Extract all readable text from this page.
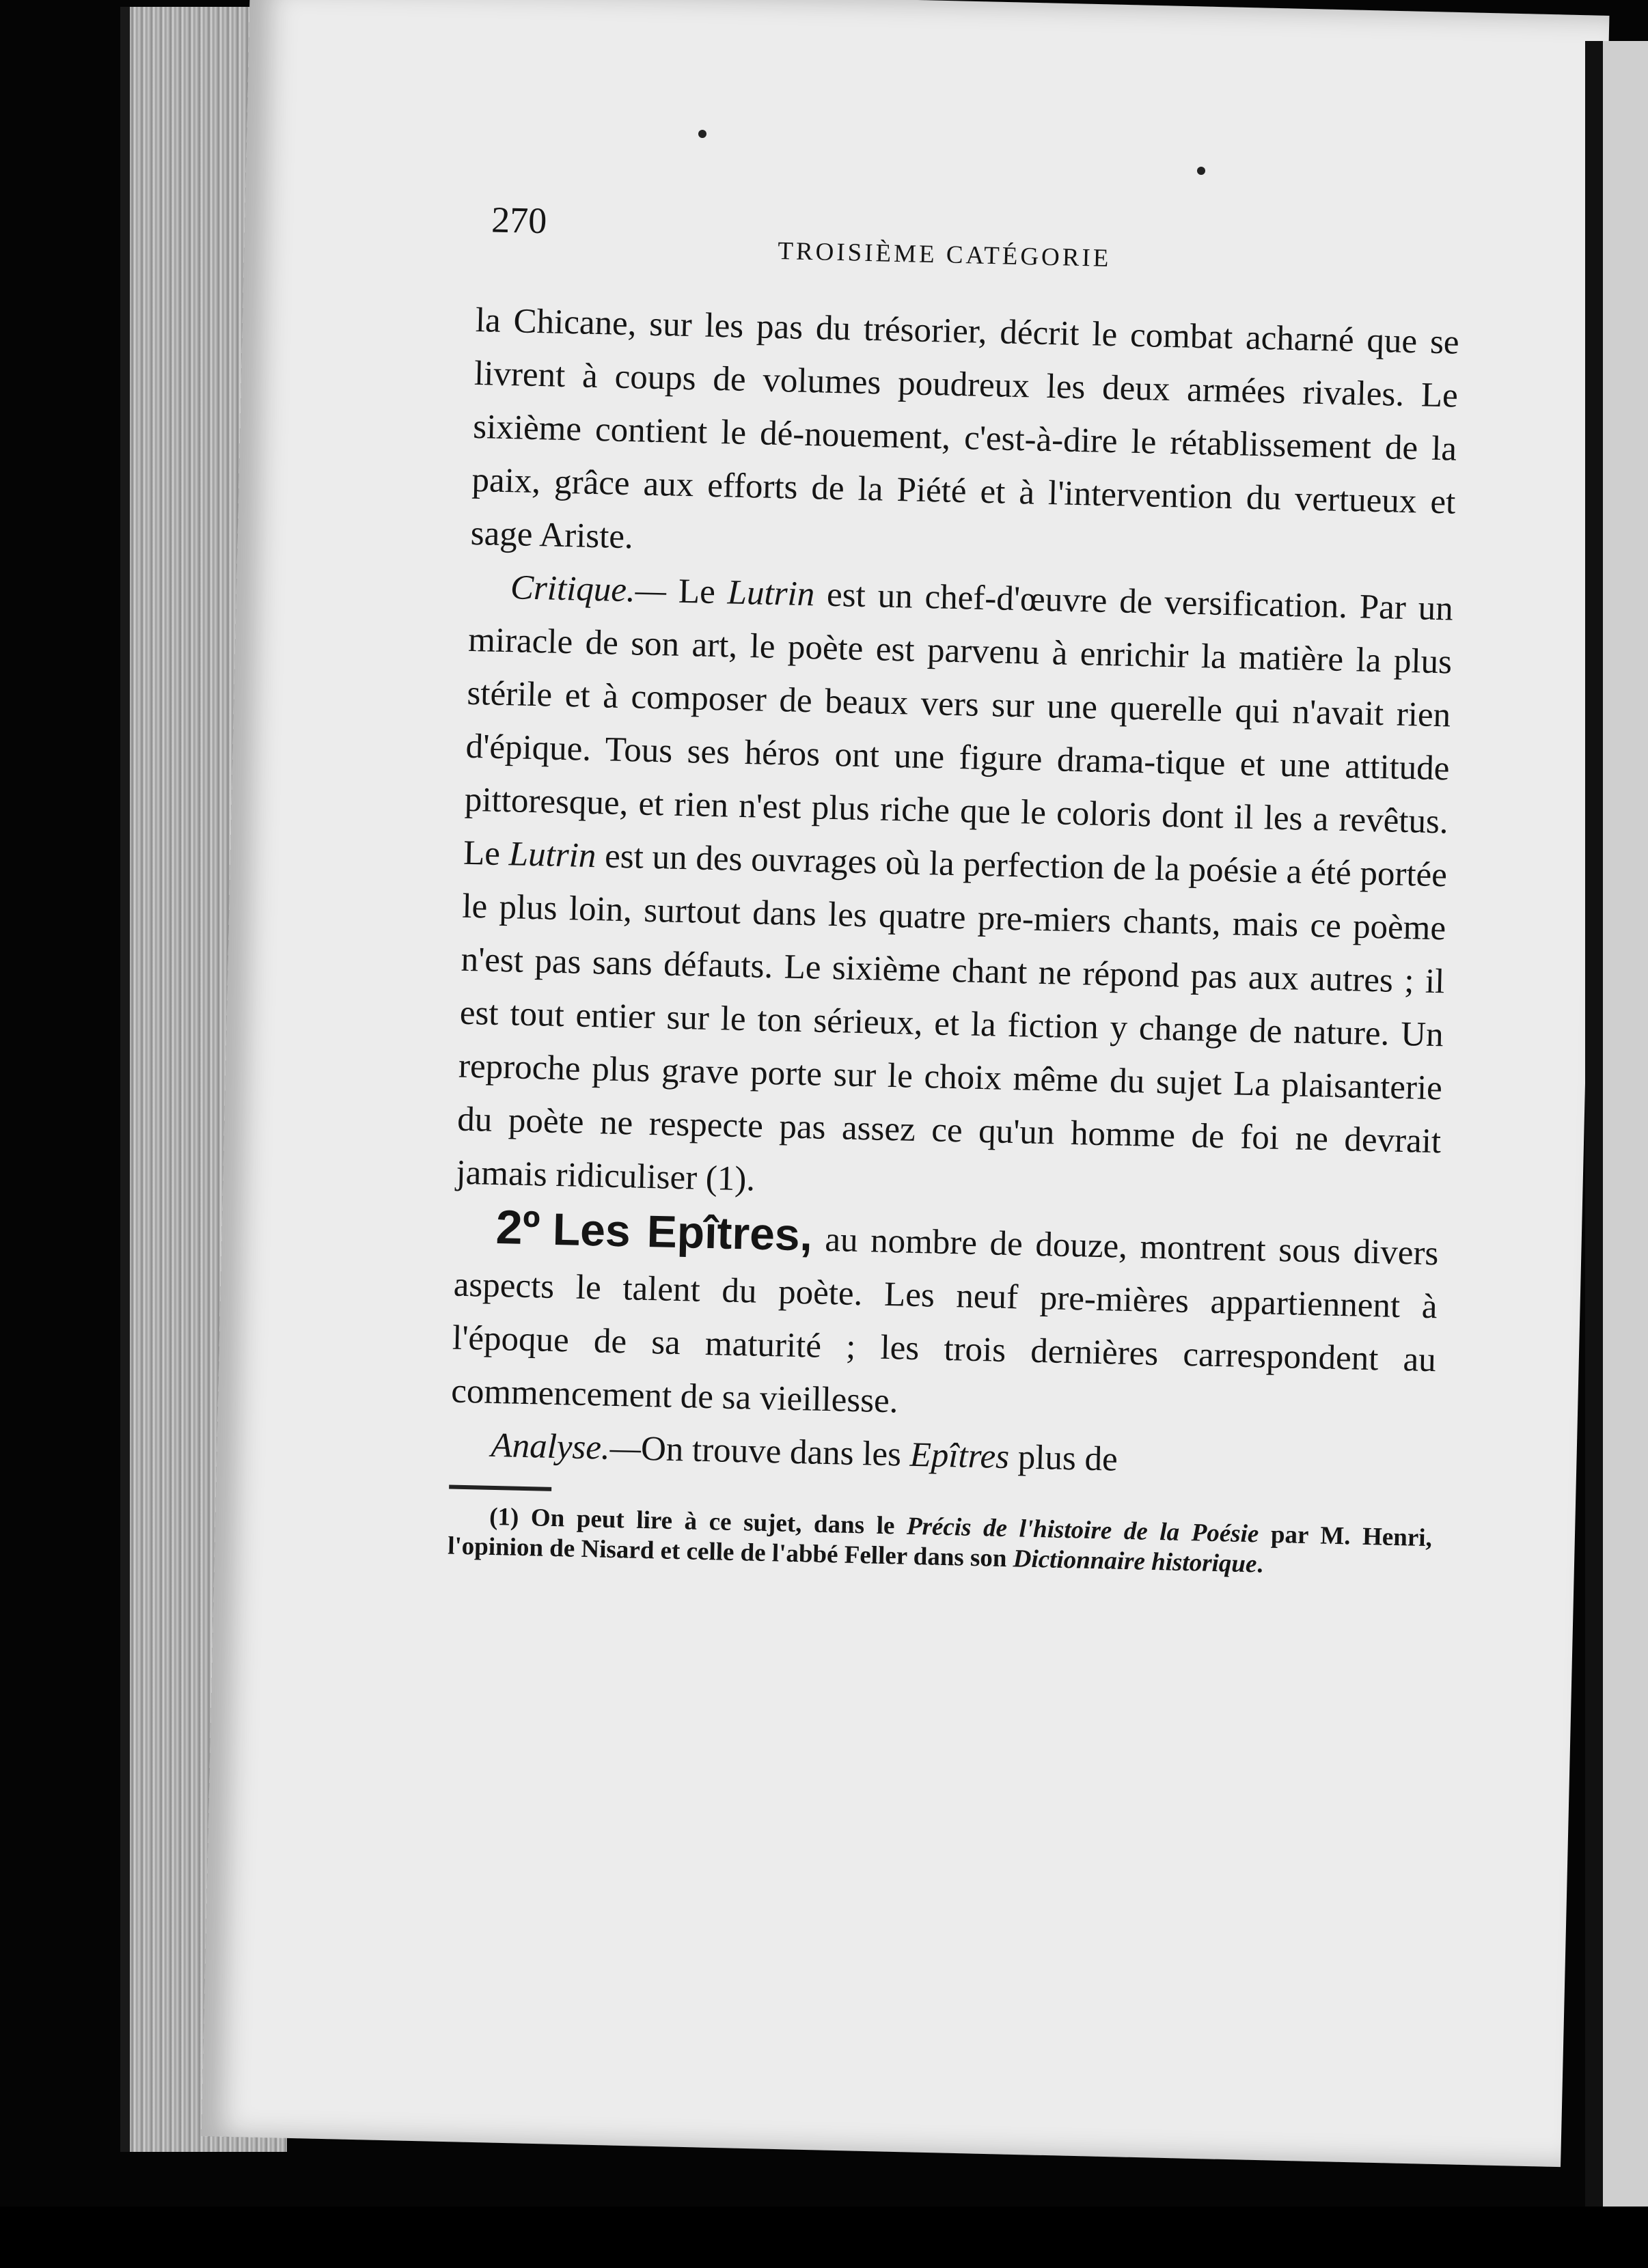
270
TROISIÈME CATÉGORIE

la Chicane, sur les pas du trésorier, décrit le combat acharné que se livrent à coups de volumes poudreux les deux armées rivales. Le sixième contient le dé-nouement, c'est-à-dire le rétablissement de la paix, grâce aux efforts de la Piété et à l'intervention du vertueux et sage Ariste.

Critique.— Le Lutrin est un chef-d'œuvre de versification. Par un miracle de son art, le poète est parvenu à enrichir la matière la plus stérile et à composer de beaux vers sur une querelle qui n'avait rien d'épique. Tous ses héros ont une figure drama-tique et une attitude pittoresque, et rien n'est plus riche que le coloris dont il les a revêtus. Le Lutrin est un des ouvrages où la perfection de la poésie a été portée le plus loin, surtout dans les quatre pre-miers chants, mais ce poème n'est pas sans défauts. Le sixième chant ne répond pas aux autres ; il est tout entier sur le ton sérieux, et la fiction y change de nature. Un reproche plus grave porte sur le choix même du sujet La plaisanterie du poète ne respecte pas assez ce qu'un homme de foi ne devrait jamais ridiculiser (1).

2º Les Epîtres, au nombre de douze, montrent sous divers aspects le talent du poète. Les neuf pre-mières appartiennent à l'époque de sa maturité ; les trois dernières carrespondent au commencement de sa vieillesse.

Analyse.—On trouve dans les Epîtres plus de

(1) On peut lire à ce sujet, dans le Précis de l'histoire de la Poésie par M. Henri, l'opinion de Nisard et celle de l'abbé Feller dans son Dictionnaire historique.
